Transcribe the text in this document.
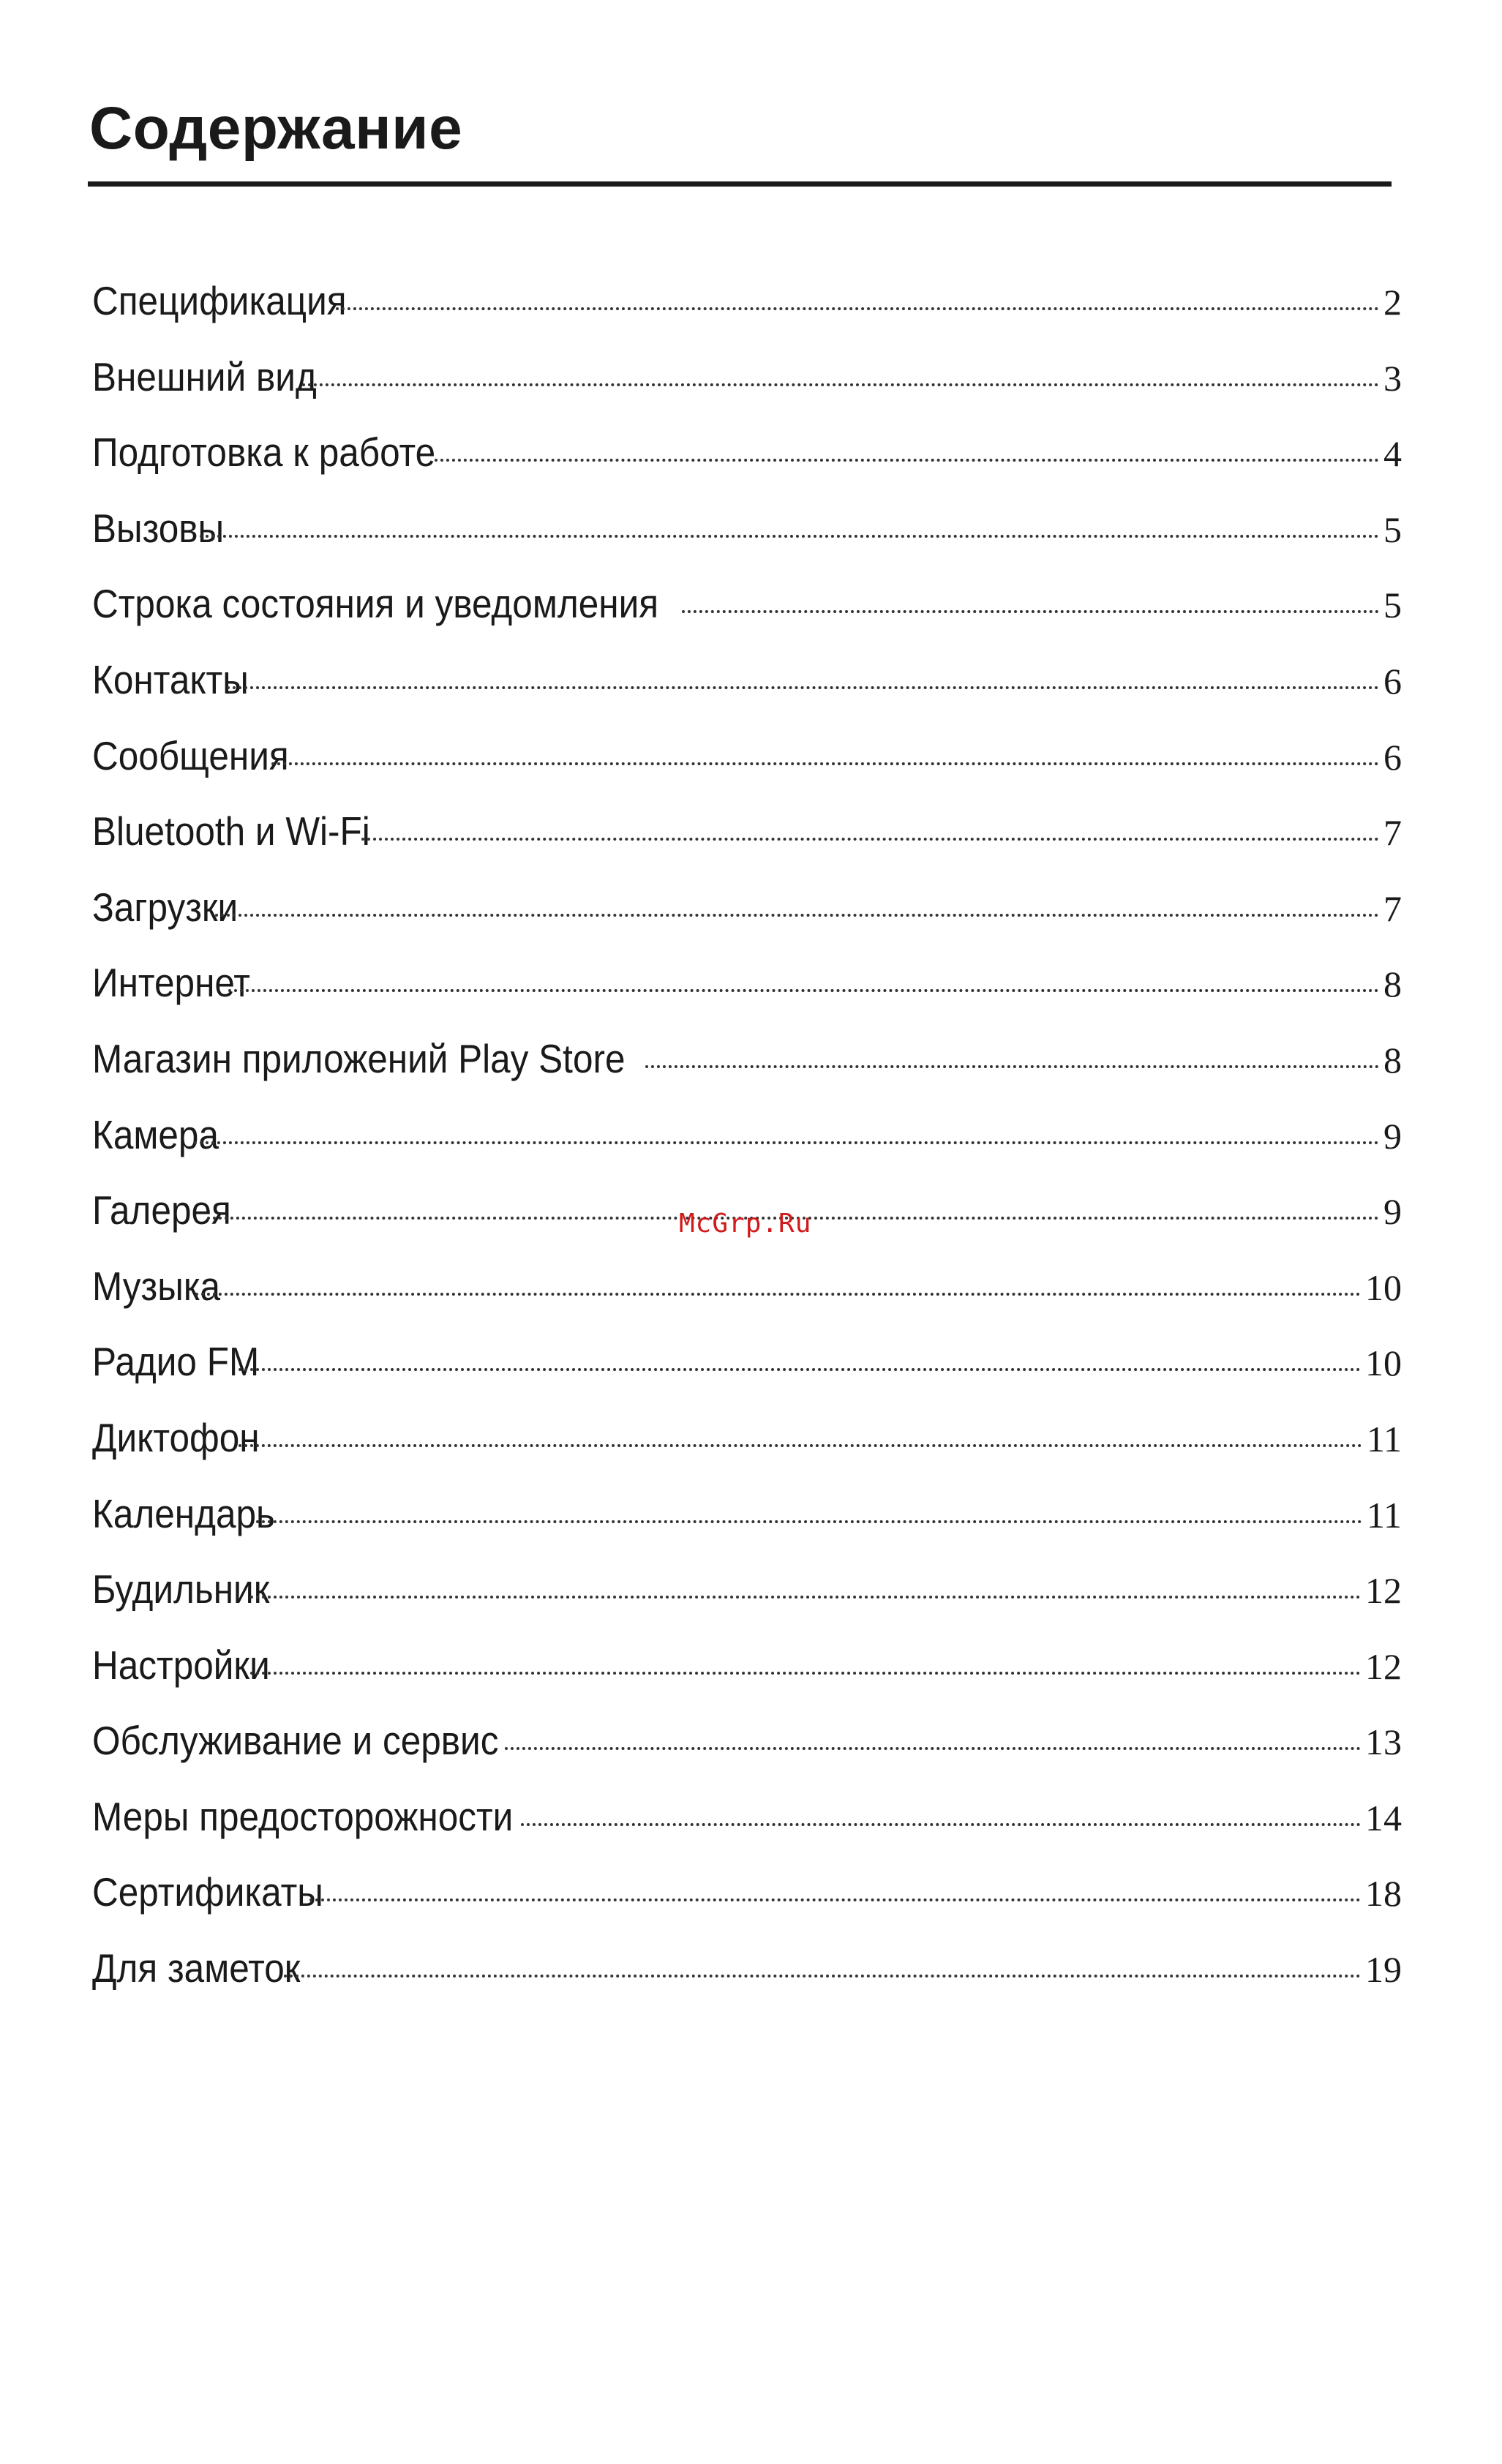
Содержание
Спецификация	2
Внешний вид	3
Подготовка к работе	4
Вызовы	5
Строка состояния и уведомления	5
Контакты	6
Сообщения	6
Bluetooth и Wi-Fi	7
Загрузки	7
Интернет	8
Магазин приложений Play Store	8
Камера	9
Галерея	9
Музыка	10
Радио FM	10
Диктофон	11
Календарь	11
Будильник	12
Настройки	12
Обслуживание и сервис	13
Меры предосторожности	14
Сертификаты	18
Для заметок	19
McGrp.Ru
